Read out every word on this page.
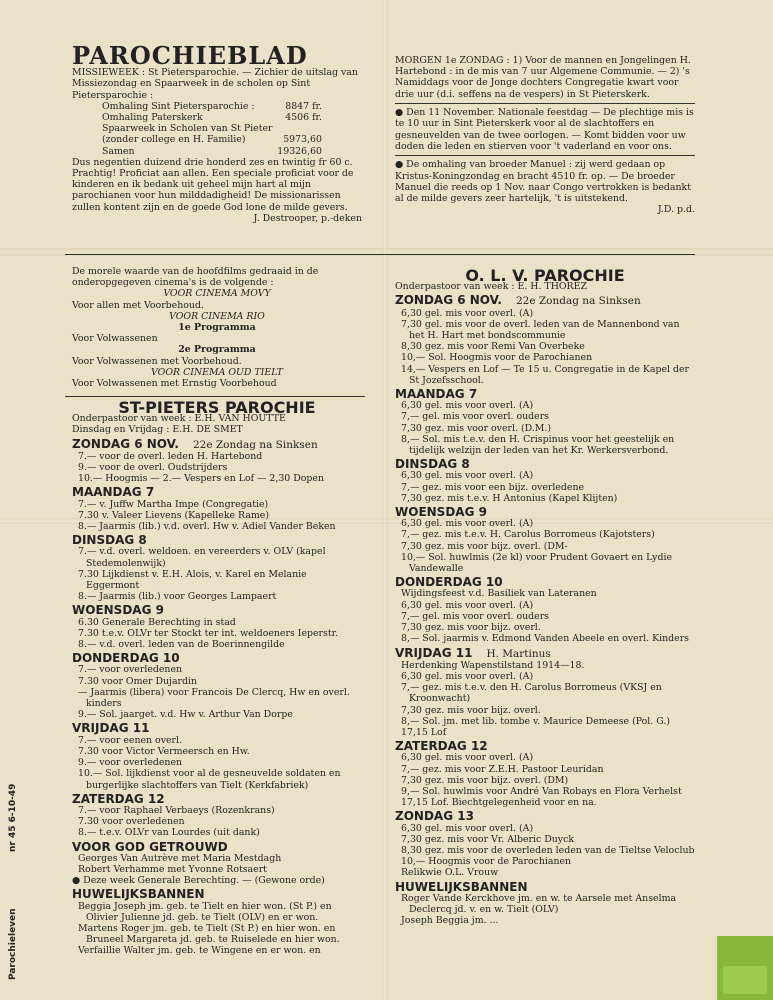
PAROCHIEBLAD

MISSIEWEEK : St Pietersparochie. — Zichier de uitslag van Missiezondag en Spaarweek in de scholen op Sint Pietersparochie :

Omhaling Sint Pietersparochie :	8847 fr.
Omhaling Paterskerk	4506 fr.
Spaarweek in Scholen van St Pieter
(zonder college en H. Familie)	5973,60
Samen	19326,60

Dus negentien duizend drie honderd zes en twintig fr 60 c. Prachtig! Proficiat aan allen. Een speciale proficiat voor de kinderen en ik bedank uit geheel mijn hart al mijn parochianen voor hun milddadigheid! De missionarissen zullen kontent zijn en de goede God lone de milde gevers.

J. Destrooper, p.-deken

MORGEN 1e ZONDAG : 1) Voor de mannen en Jongelingen H. Hartebond : in de mis van 7 uur Algemene Communie. — 2) 's Namiddags voor de Jonge dochters Congregatie kwart voor drie uur (d.i. seffens na de vespers) in St Pieterskerk.

● Den 11 November. Nationale feestdag — De plechtige mis is te 10 uur in Sint Pieterskerk voor al de slachtoffers en gesneuvelden van de twee oorlogen. — Komt bidden voor uw doden die leden en stierven voor 't vaderland en voor ons.

● De omhaling van broeder Manuel : zij werd gedaan op Kristus-Koningzondag en bracht 4510 fr. op. — De broeder Manuel die reeds op 1 Nov. naar Congo vertrokken is bedankt al de milde gevers zeer hartelijk, 't is uitstekend.

J.D. p.d.

De morele waarde van de hoofdfilms gedraaid in de onderopgegeven cinema's is de volgende :

VOOR CINEMA MOVY

Voor allen met Voorbehoud.

VOOR CINEMA RIO

1e Programma

Voor Volwassenen

2e Programma

Voor Volwassenen met Voorbehoud.

VOOR CINEMA OUD TIELT

Voor Volwassenen met Ernstig Voorbehoud

ST-PIETERS PAROCHIE

Onderpastoor van week : E.H. VAN HOUTTE

Dinsdag en Vrijdag : E.H. DE SMET

ZONDAG 6 NOV. 22e Zondag na Sinksen

7.— voor de overl. leden H. Hartebond

9.— voor de overl. Oudstrijders

10.— Hoogmis — 2.— Vespers en Lof — 2,30 Dopen

MAANDAG 7

7.— v. Juffw Martha Impe (Congregatie)

7.30 v. Valeer Lievens (Kapelleke Rame)

8.— Jaarmis (lib.) v.d. overl. Hw v. Adiel Vander Beken

DINSDAG 8

7.— v.d. overl. weldoen. en vereerders v. OLV (kapel Stedemolenwijk)

7.30 Lijkdienst v. E.H. Alois, v. Karel en Melanie Eggermont

8.— Jaarmis (lib.) voor Georges Lampaert

WOENSDAG 9

6.30 Generale Berechting in stad

7.30 t.e.v. OLVr ter Stockt ter int. weldoeners Ieperstr.

8.— v.d. overl. leden van de Boerinnengilde

DONDERDAG 10

7.— voor overledenen

7.30 voor Omer Dujardin

— Jaarmis (libera) voor Francois De Clercq, Hw en overl. kinders

9.— Sol. jaarget. v.d. Hw v. Arthur Van Dorpe

VRIJDAG 11

7.— voor eenen overl.

7.30 voor Victor Vermeersch en Hw.

9.— voor overledenen

10.— Sol. lijkdienst voor al de gesneuvelde soldaten en burgerlijke slachtoffers van Tielt (Kerkfabriek)

ZATERDAG 12

7.— voor Raphael Verbaeys (Rozenkrans)

7.30 voor overledenen

8.— t.e.v. OLVr van Lourdes (uit dank)

VOOR GOD GETROUWD

Georges Van Autrève met Maria Mestdagh

Robert Verhamme met Yvonne Rotsaert

● Deze week Generale Berechting. — (Gewone orde)

HUWELIJKSBANNEN

Beggia Joseph jm. geb. te Tielt en hier won. (St P.) en Olivier Julienne jd. geb. te Tielt (OLV) en er won.

Martens Roger jm. geb. te Tielt (St P.) en hier won. en Bruneel Margareta jd. geb. te Ruiselede en hier won.

Verfaillie Walter jm. geb. te Wingene en er won. en

O. L. V. PAROCHIE

Onderpastoor van week : E. H. THOREZ

ZONDAG 6 NOV. 22e Zondag na Sinksen

6,30 gel. mis voor overl. (A)

7,30 gel. mis voor de overl. leden van de Mannenbond van het H. Hart met bondscommunie

8,30 gez. mis voor Remi Van Overbeke

10,— Sol. Hoogmis voor de Parochianen

14,— Vespers en Lof — Te 15 u. Congregatie in de Kapel der St Jozefsschool.

MAANDAG 7

6,30 gel. mis voor overl. (A)

7,— gel. mis voor overl. ouders

7,30 gez. mis voor overl. (D.M.)

8,— Sol. mis t.e.v. den H. Crispinus voor het geestelijk en tijdelijk welzijn der leden van het Kr. Werkersverbond.

DINSDAG 8

6,30 gel. mis voor overl. (A)

7,— gez. mis voor een bijz. overledene

7,30 gez. mis t.e.v. H Antonius (Kapel Klijten)

WOENSDAG 9

6,30 gel. mis voor overl. (A)

7,— gez. mis t.e.v. H. Carolus Borromeus (Kajotsters)

7,30 gez. mis voor bijz. overl. (DM-

10,— Sol. huwlmis (2e kl) voor Prudent Govaert en Lydie Vandewalle

DONDERDAG 10

Wijdingsfeest v.d. Basiliek van Lateranen

6,30 gel. mis voor overl. (A)

7,— gel. mis voor overl. ouders

7,30 gez. mis voor bijz. overl.

8,— Sol. jaarmis v. Edmond Vanden Abeele en overl. Kinders

VRIJDAG 11 H. Martinus

Herdenking Wapenstilstand 1914—18.

6,30 gel. mis voor overl. (A)

7,— gez. mis t.e.v. den H. Carolus Borromeus (VKSJ en Kroonwacht)

7,30 gez. mis voor bijz. overl.

8,— Sol. jm. met lib. tombe v. Maurice Demeese (Pol. G.)

17,15 Lof

ZATERDAG 12

6,30 gel. mis voor overl. (A)

7,— gez. mis voor Z.E.H. Pastoor Leuridan

7,30 gez. mis voor bijz. overl. (DM)

9,— Sol. huwlmis voor André Van Robays en Flora Verhelst

17,15 Lof. Biechtgelegenheid voor en na.

ZONDAG 13

6,30 gel. mis voor overl. (A)

7,30 gez. mis voor Vr. Alberic Duyck

8,30 gez. mis voor de overleden leden van de Tieltse Veloclub

10,— Hoogmis voor de Parochianen

Relikwie O.L. Vrouw

HUWELIJKSBANNEN

Roger Vande Kerckhove jm. en w. te Aarsele met Anselma Declercq jd. v. en w. Tielt (OLV)

Joseph Beggia jm. ...

Parochieleven
nr 45 6-10-49
